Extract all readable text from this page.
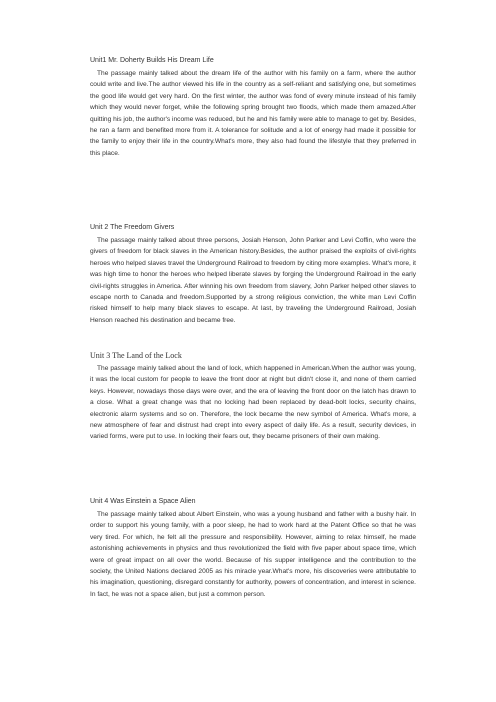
Unit1 Mr. Doherty Builds His Dream Life

The passage mainly talked about the dream life of the author with his family on a farm, where the author could write and live.The author viewed his life in the country as a self-reliant and satisfying one, but sometimes the good life would get very hard. On the first winter, the author was fond of every minute instead of his family which they would never forget, while the following spring brought two floods, which made them amazed.After quitting his job, the author's income was reduced, but he and his family were able to manage to get by. Besides, he ran a farm and benefited more from it. A tolerance for solitude and a lot of energy had made it possible for the family to enjoy their life in the country.What's more, they also had found the lifestyle that they preferred in this place.

Unit 2 The Freedom Givers

The passage mainly talked about three persons, Josiah Henson, John Parker and Levi Coffin, who were the givers of freedom for black slaves in the American history.Besides, the author praised the exploits of civil-rights heroes who helped slaves travel the Underground Railroad to freedom by citing more examples. What's more, it was high time to honor the heroes who helped liberate slaves by forging the Underground Railroad in the early civil-rights struggles in America. After winning his own freedom from slavery, John Parker helped other slaves to escape north to Canada and freedom.Supported by a strong religious conviction, the white man Levi Coffin risked himself to help many black slaves to escape. At last, by traveling the Underground Railroad, Josiah Henson reached his destination and became free.

Unit 3 The Land of the Lock

The passage mainly talked about the land of lock, which happened in American.When the author was young, it was the local custom for people to leave the front door at night but didn't close it, and none of them carried keys. However, nowadays those days were over, and the era of leaving the front door on the latch has drawn to a close. What a great change was that no locking had been replaced by dead-bolt locks, security chains, electronic alarm systems and so on. Therefore, the lock became the new symbol of America. What's more, a new atmosphere of fear and distrust had crept into every aspect of daily life. As a result, security devices, in varied forms, were put to use. In locking their fears out, they became prisoners of their own making.

Unit 4 Was Einstein a Space Alien

The passage mainly talked about Albert Einstein, who was a young husband and father with a bushy hair. In order to support his young family, with a poor sleep, he had to work hard at the Patent Office so that he was very tired. For which, he felt all the pressure and responsibility. However, aiming to relax himself, he made astonishing achievements in physics and thus revolutionized the field with five paper about space time, which were of great impact on all over the world. Because of his supper intelligence and the contribution to the society, the United Nations declared 2005 as his miracle year.What's more, his discoveries were attributable to his imagination, questioning, disregard constantly for authority, powers of concentration, and interest in science. In fact, he was not a space alien, but just a common person.
